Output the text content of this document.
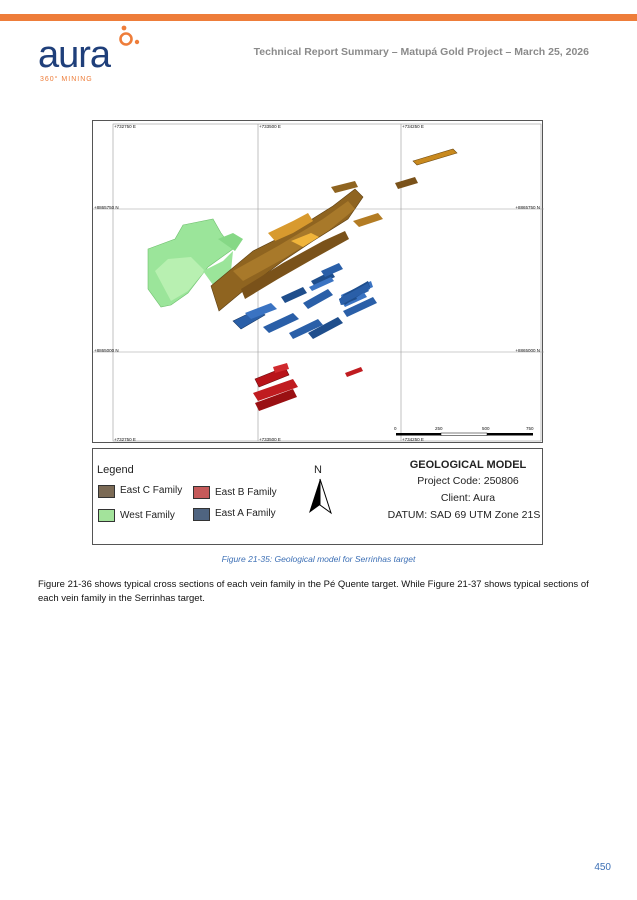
aura
360° MINING
Technical Report Summary – Matupá Gold Project – March 25, 2026
+732750 E	+733500 E	+734250 E
+732750 E	+733500 E	+734250 E
+8865750 N
+8865000 N
+8865750 N
+8865000 N
0	250	500	750
Legend
East C Family	East B Family
West Family	East A Family
N	GEOLOGICAL MODEL
Project Code: 250806
Client: Aura
DATUM: SAD 69 UTM Zone 21S
Figure 21-35: Geological model for Serrinhas target
Figure 21-36 shows typical cross sections of each vein family in the Pé Quente target. While Figure 21-37 shows typical sections of each vein family in the Serrinhas target.
450
